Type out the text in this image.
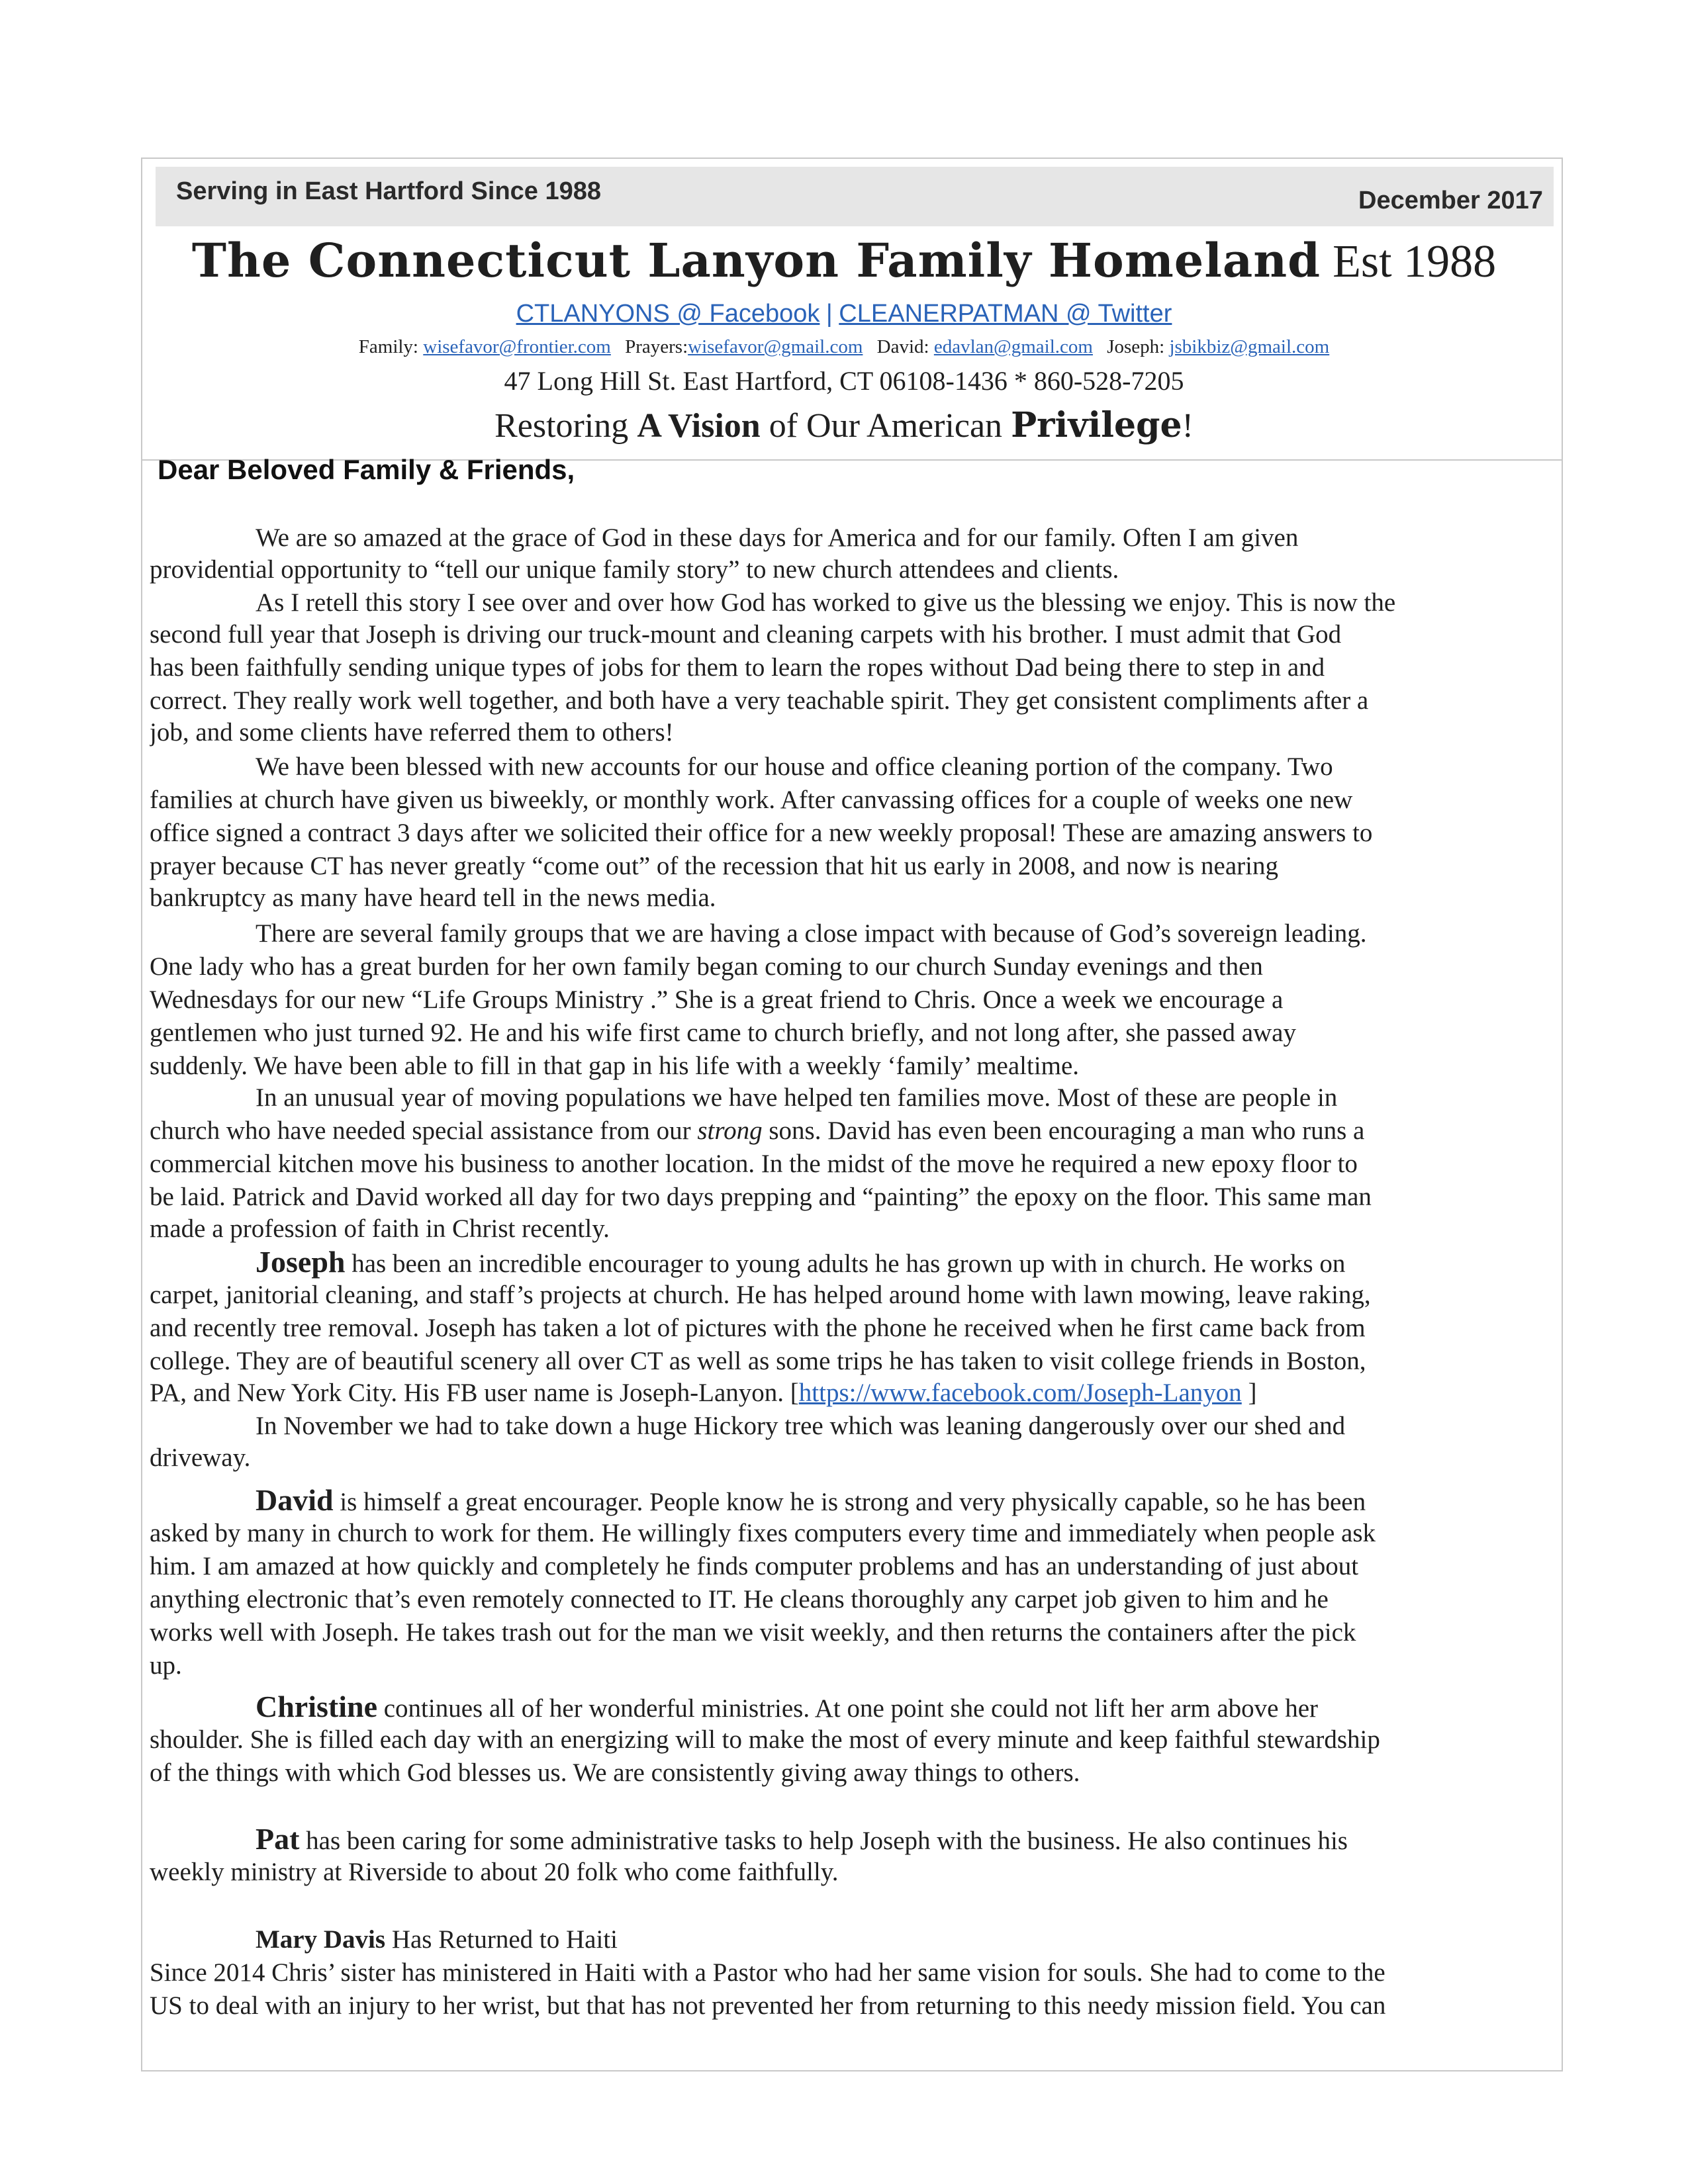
Serving in East Hartford Since 1988	December 2017
The Connecticut Lanyon Family Homeland Est 1988
CTLANYONS @ Facebook | CLEANERPATMAN @ Twitter
Family: wisefavor@frontier.com Prayers:wisefavor@gmail.com David: edavlan@gmail.com Joseph: jsbikbiz@gmail.com
47 Long Hill St. East Hartford, CT 06108-1436 * 860-528-7205
Restoring A Vision of Our American Privilege!
Dear Beloved Family & Friends,
We are so amazed at the grace of God in these days for America and for our family. Often I am given
providential opportunity to “tell our unique family story” to new church attendees and clients.
As I retell this story I see over and over how God has worked to give us the blessing we enjoy. This is now the
second full year that Joseph is driving our truck-mount and cleaning carpets with his brother. I must admit that God
has been faithfully sending unique types of jobs for them to learn the ropes without Dad being there to step in and
correct. They really work well together, and both have a very teachable spirit. They get consistent compliments after a
job, and some clients have referred them to others!
We have been blessed with new accounts for our house and office cleaning portion of the company. Two
families at church have given us biweekly, or monthly work. After canvassing offices for a couple of weeks one new
office signed a contract 3 days after we solicited their office for a new weekly proposal! These are amazing answers to
prayer because CT has never greatly “come out” of the recession that hit us early in 2008, and now is nearing
bankruptcy as many have heard tell in the news media.
There are several family groups that we are having a close impact with because of God’s sovereign leading.
One lady who has a great burden for her own family began coming to our church Sunday evenings and then
Wednesdays for our new “Life Groups Ministry .” She is a great friend to Chris. Once a week we encourage a
gentlemen who just turned 92. He and his wife first came to church briefly, and not long after, she passed away
suddenly. We have been able to fill in that gap in his life with a weekly ‘family’ mealtime.
In an unusual year of moving populations we have helped ten families move. Most of these are people in
church who have needed special assistance from our strong sons. David has even been encouraging a man who runs a
commercial kitchen move his business to another location. In the midst of the move he required a new epoxy floor to
be laid. Patrick and David worked all day for two days prepping and “painting” the epoxy on the floor. This same man
made a profession of faith in Christ recently.
Joseph has been an incredible encourager to young adults he has grown up with in church. He works on
carpet, janitorial cleaning, and staff’s projects at church. He has helped around home with lawn mowing, leave raking,
and recently tree removal. Joseph has taken a lot of pictures with the phone he received when he first came back from
college. They are of beautiful scenery all over CT as well as some trips he has taken to visit college friends in Boston,
PA, and New York City. His FB user name is Joseph-Lanyon. [https://www.facebook.com/Joseph-Lanyon ]
In November we had to take down a huge Hickory tree which was leaning dangerously over our shed and
driveway.
David is himself a great encourager. People know he is strong and very physically capable, so he has been
asked by many in church to work for them. He willingly fixes computers every time and immediately when people ask
him. I am amazed at how quickly and completely he finds computer problems and has an understanding of just about
anything electronic that’s even remotely connected to IT. He cleans thoroughly any carpet job given to him and he
works well with Joseph. He takes trash out for the man we visit weekly, and then returns the containers after the pick
up.
Christine continues all of her wonderful ministries. At one point she could not lift her arm above her
shoulder. She is filled each day with an energizing will to make the most of every minute and keep faithful stewardship
of the things with which God blesses us. We are consistently giving away things to others.
Pat has been caring for some administrative tasks to help Joseph with the business. He also continues his
weekly ministry at Riverside to about 20 folk who come faithfully.
Mary Davis Has Returned to Haiti
Since 2014 Chris’ sister has ministered in Haiti with a Pastor who had her same vision for souls. She had to come to the
US to deal with an injury to her wrist, but that has not prevented her from returning to this needy mission field. You can
